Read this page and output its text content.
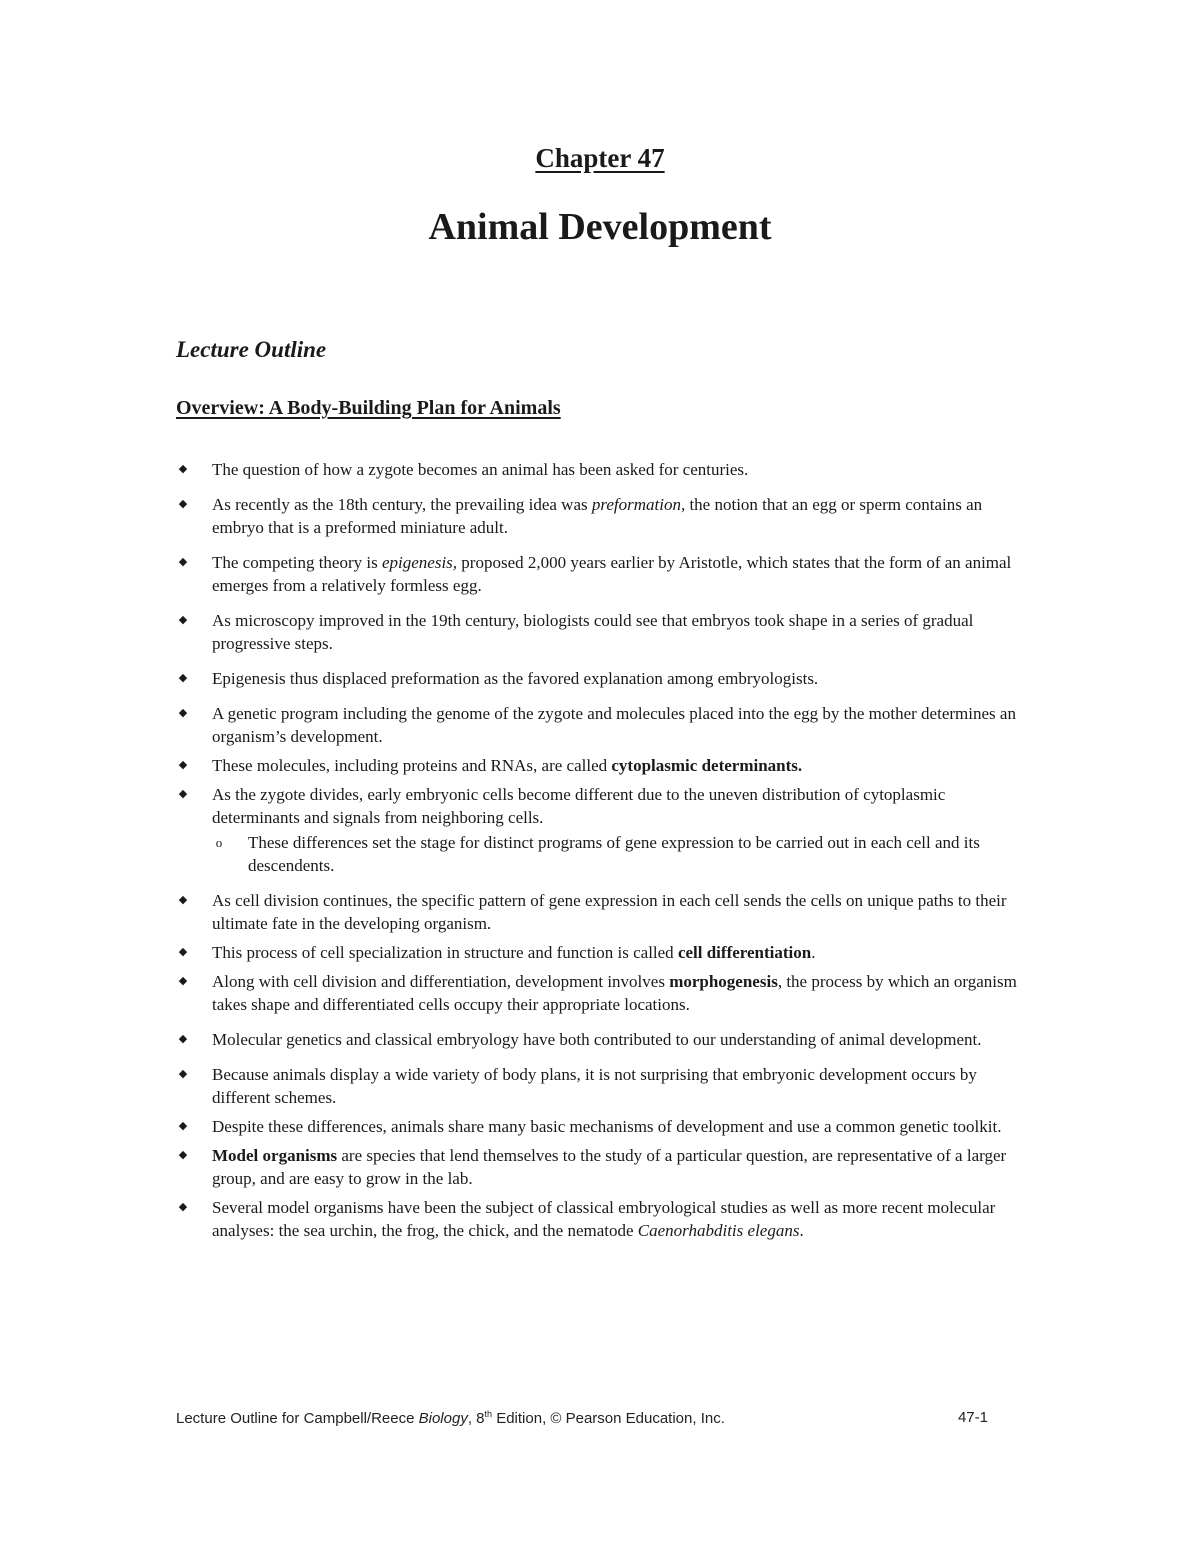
Chapter 47
Animal Development
Lecture Outline
Overview: A Body-Building Plan for Animals
◆ The question of how a zygote becomes an animal has been asked for centuries.
◆ As recently as the 18th century, the prevailing idea was preformation, the notion that an egg or sperm contains an embryo that is a preformed miniature adult.
◆ The competing theory is epigenesis, proposed 2,000 years earlier by Aristotle, which states that the form of an animal emerges from a relatively formless egg.
◆ As microscopy improved in the 19th century, biologists could see that embryos took shape in a series of gradual progressive steps.
◆ Epigenesis thus displaced preformation as the favored explanation among embryologists.
◆ A genetic program including the genome of the zygote and molecules placed into the egg by the mother determines an organism’s development.
◆ These molecules, including proteins and RNAs, are called cytoplasmic determinants.
◆ As the zygote divides, early embryonic cells become different due to the uneven distribution of cytoplasmic determinants and signals from neighboring cells.
o These differences set the stage for distinct programs of gene expression to be carried out in each cell and its descendents.
◆ As cell division continues, the specific pattern of gene expression in each cell sends the cells on unique paths to their ultimate fate in the developing organism.
◆ This process of cell specialization in structure and function is called cell differentiation.
◆ Along with cell division and differentiation, development involves morphogenesis, the process by which an organism takes shape and differentiated cells occupy their appropriate locations.
◆ Molecular genetics and classical embryology have both contributed to our understanding of animal development.
◆ Because animals display a wide variety of body plans, it is not surprising that embryonic development occurs by different schemes.
◆ Despite these differences, animals share many basic mechanisms of development and use a common genetic toolkit.
◆ Model organisms are species that lend themselves to the study of a particular question, are representative of a larger group, and are easy to grow in the lab.
◆ Several model organisms have been the subject of classical embryological studies as well as more recent molecular analyses: the sea urchin, the frog, the chick, and the nematode Caenorhabditis elegans.
Lecture Outline for Campbell/Reece Biology, 8th Edition, © Pearson Education, Inc.	47-1
